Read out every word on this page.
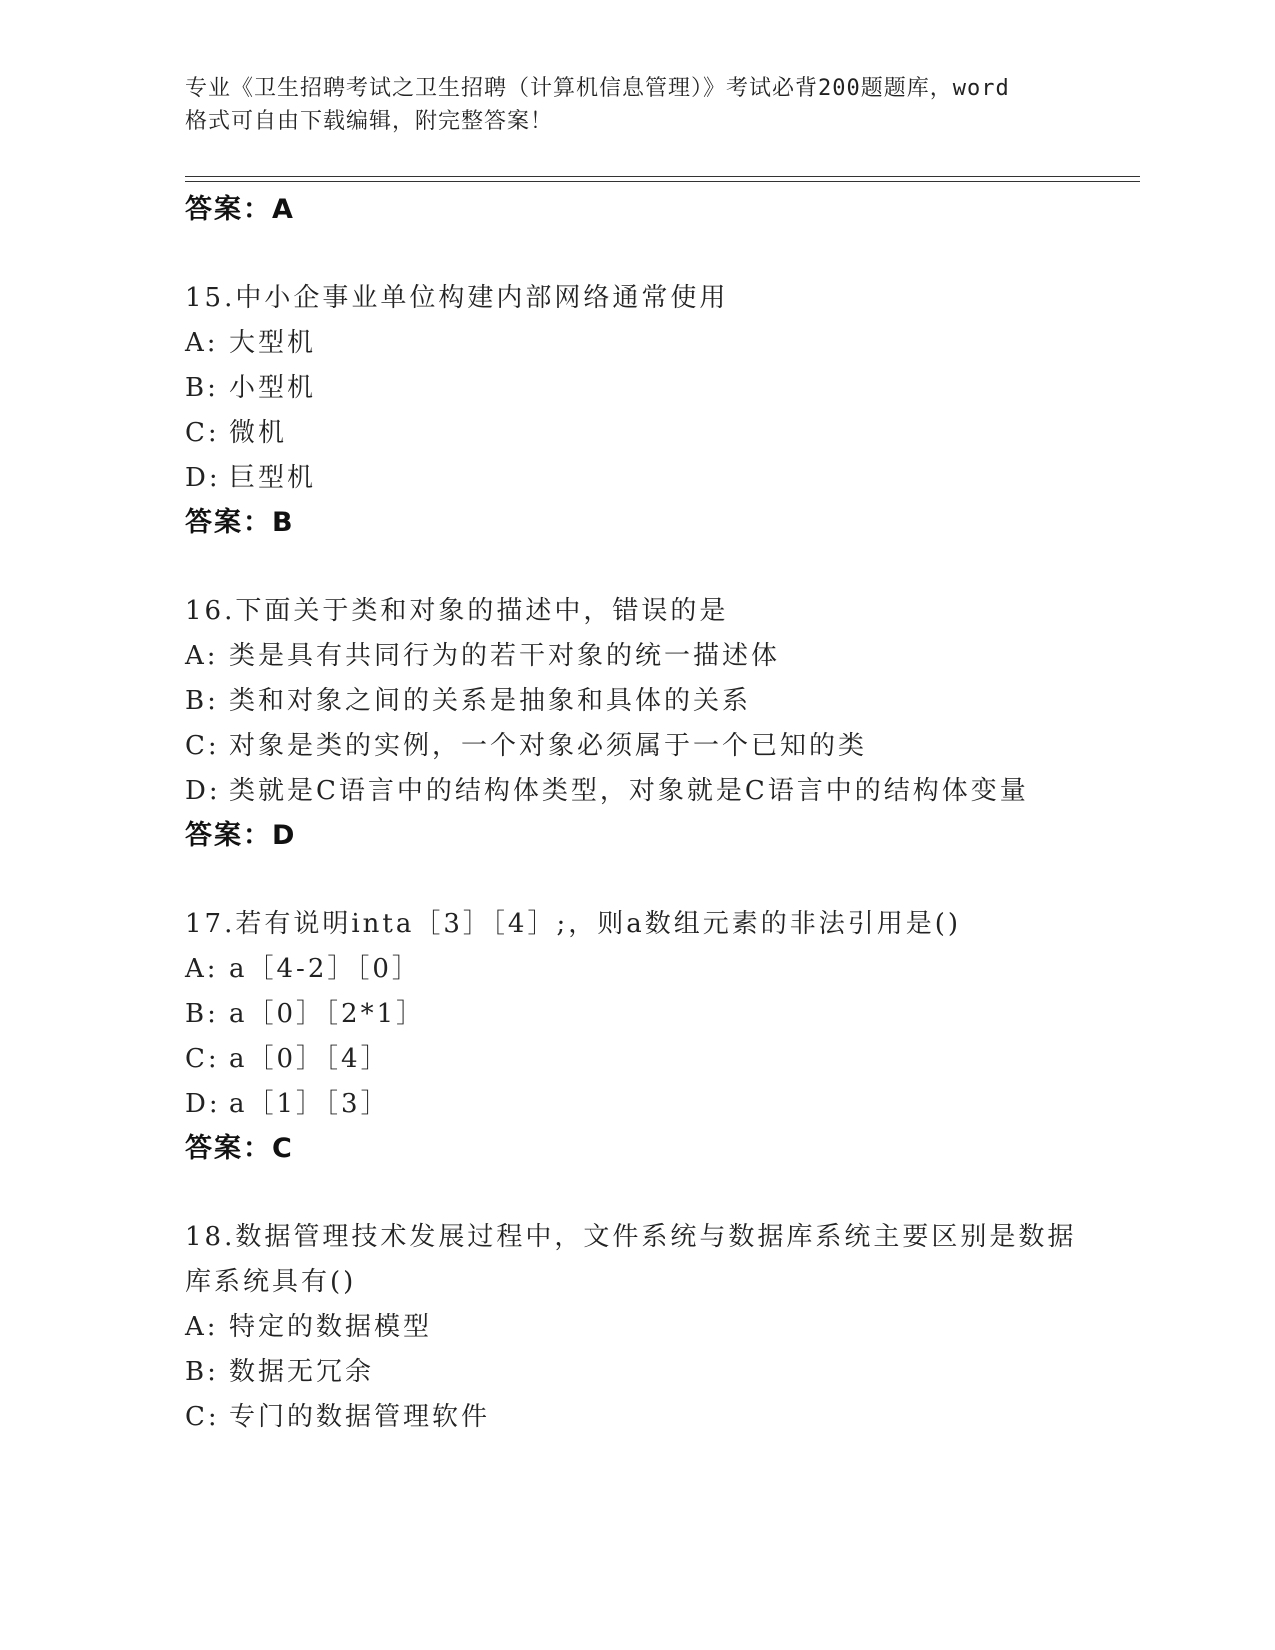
专业《卫生招聘考试之卫生招聘（计算机信息管理）》考试必背200题题库，word
格式可自由下载编辑，附完整答案！

答案：A

15.中小企事业单位构建内部网络通常使用

A: 大型机

B: 小型机

C: 微机

D: 巨型机

答案：B

16.下面关于类和对象的描述中，错误的是

A: 类是具有共同行为的若干对象的统一描述体

B: 类和对象之间的关系是抽象和具体的关系

C: 对象是类的实例，一个对象必须属于一个已知的类

D: 类就是C语言中的结构体类型，对象就是C语言中的结构体变量

答案：D

17.若有说明inta［3］［4］;，则a数组元素的非法引用是()

A: a［4-2］［0］

B: a［0］［2*1］

C: a［0］［4］

D: a［1］［3］

答案：C

18.数据管理技术发展过程中，文件系统与数据库系统主要区别是数据

库系统具有()

A: 特定的数据模型

B: 数据无冗余

C: 专门的数据管理软件
